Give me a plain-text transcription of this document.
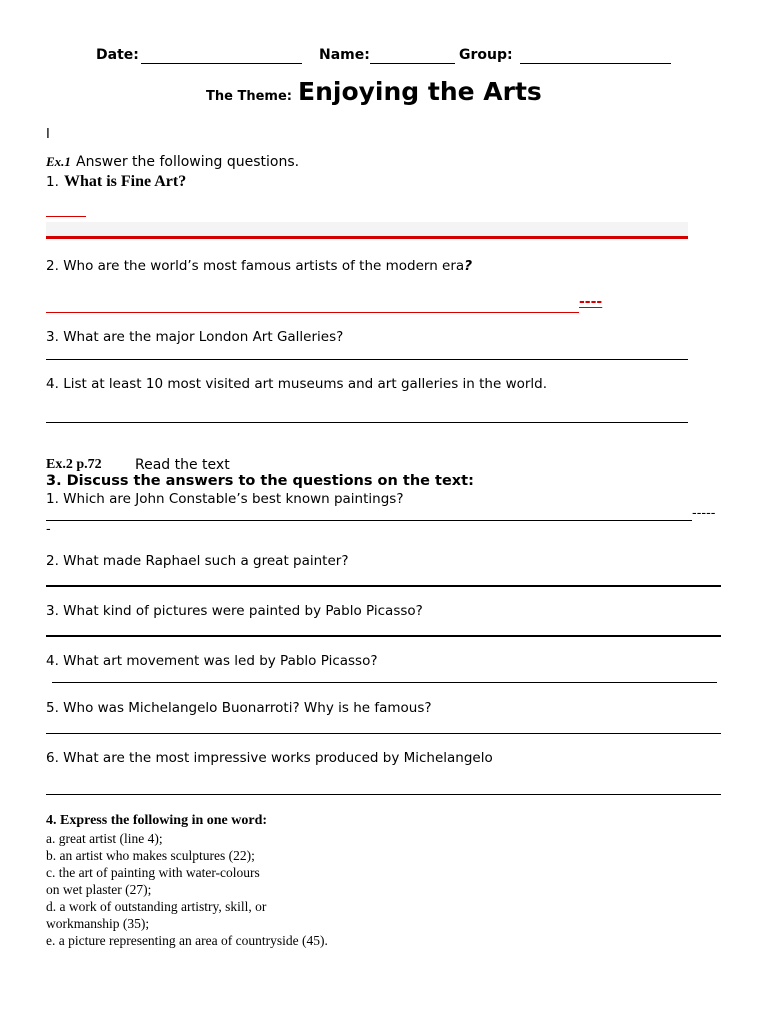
Date:	Name:	Group:
The Theme: Enjoying the Arts
I
Ex.1 Answer the following questions.
1. What is Fine Art?
2. Who are the world’s most famous artists of the modern era?
----
3. What are the major London Art Galleries?
4. List at least 10 most visited art museums and art galleries in the world.
Ex.2 p.72 Read the text
3. Discuss the answers to the questions on the text:
1. Which are John Constable’s best known paintings?
-----
-
2. What made Raphael such a great painter?
3. What kind of pictures were painted by Pablo Picasso?
4. What art movement was led by Pablo Picasso?
5. Who was Michelangelo Buonarroti? Why is he famous?
6. What are the most impressive works produced by Michelangelo
4. Express the following in one word:
a. great artist (line 4);
b. an artist who makes sculptures (22);
c. the art of painting with water-colours
on wet plaster (27);
d. a work of outstanding artistry, skill, or
workmanship (35);
e. a picture representing an area of countryside (45).
